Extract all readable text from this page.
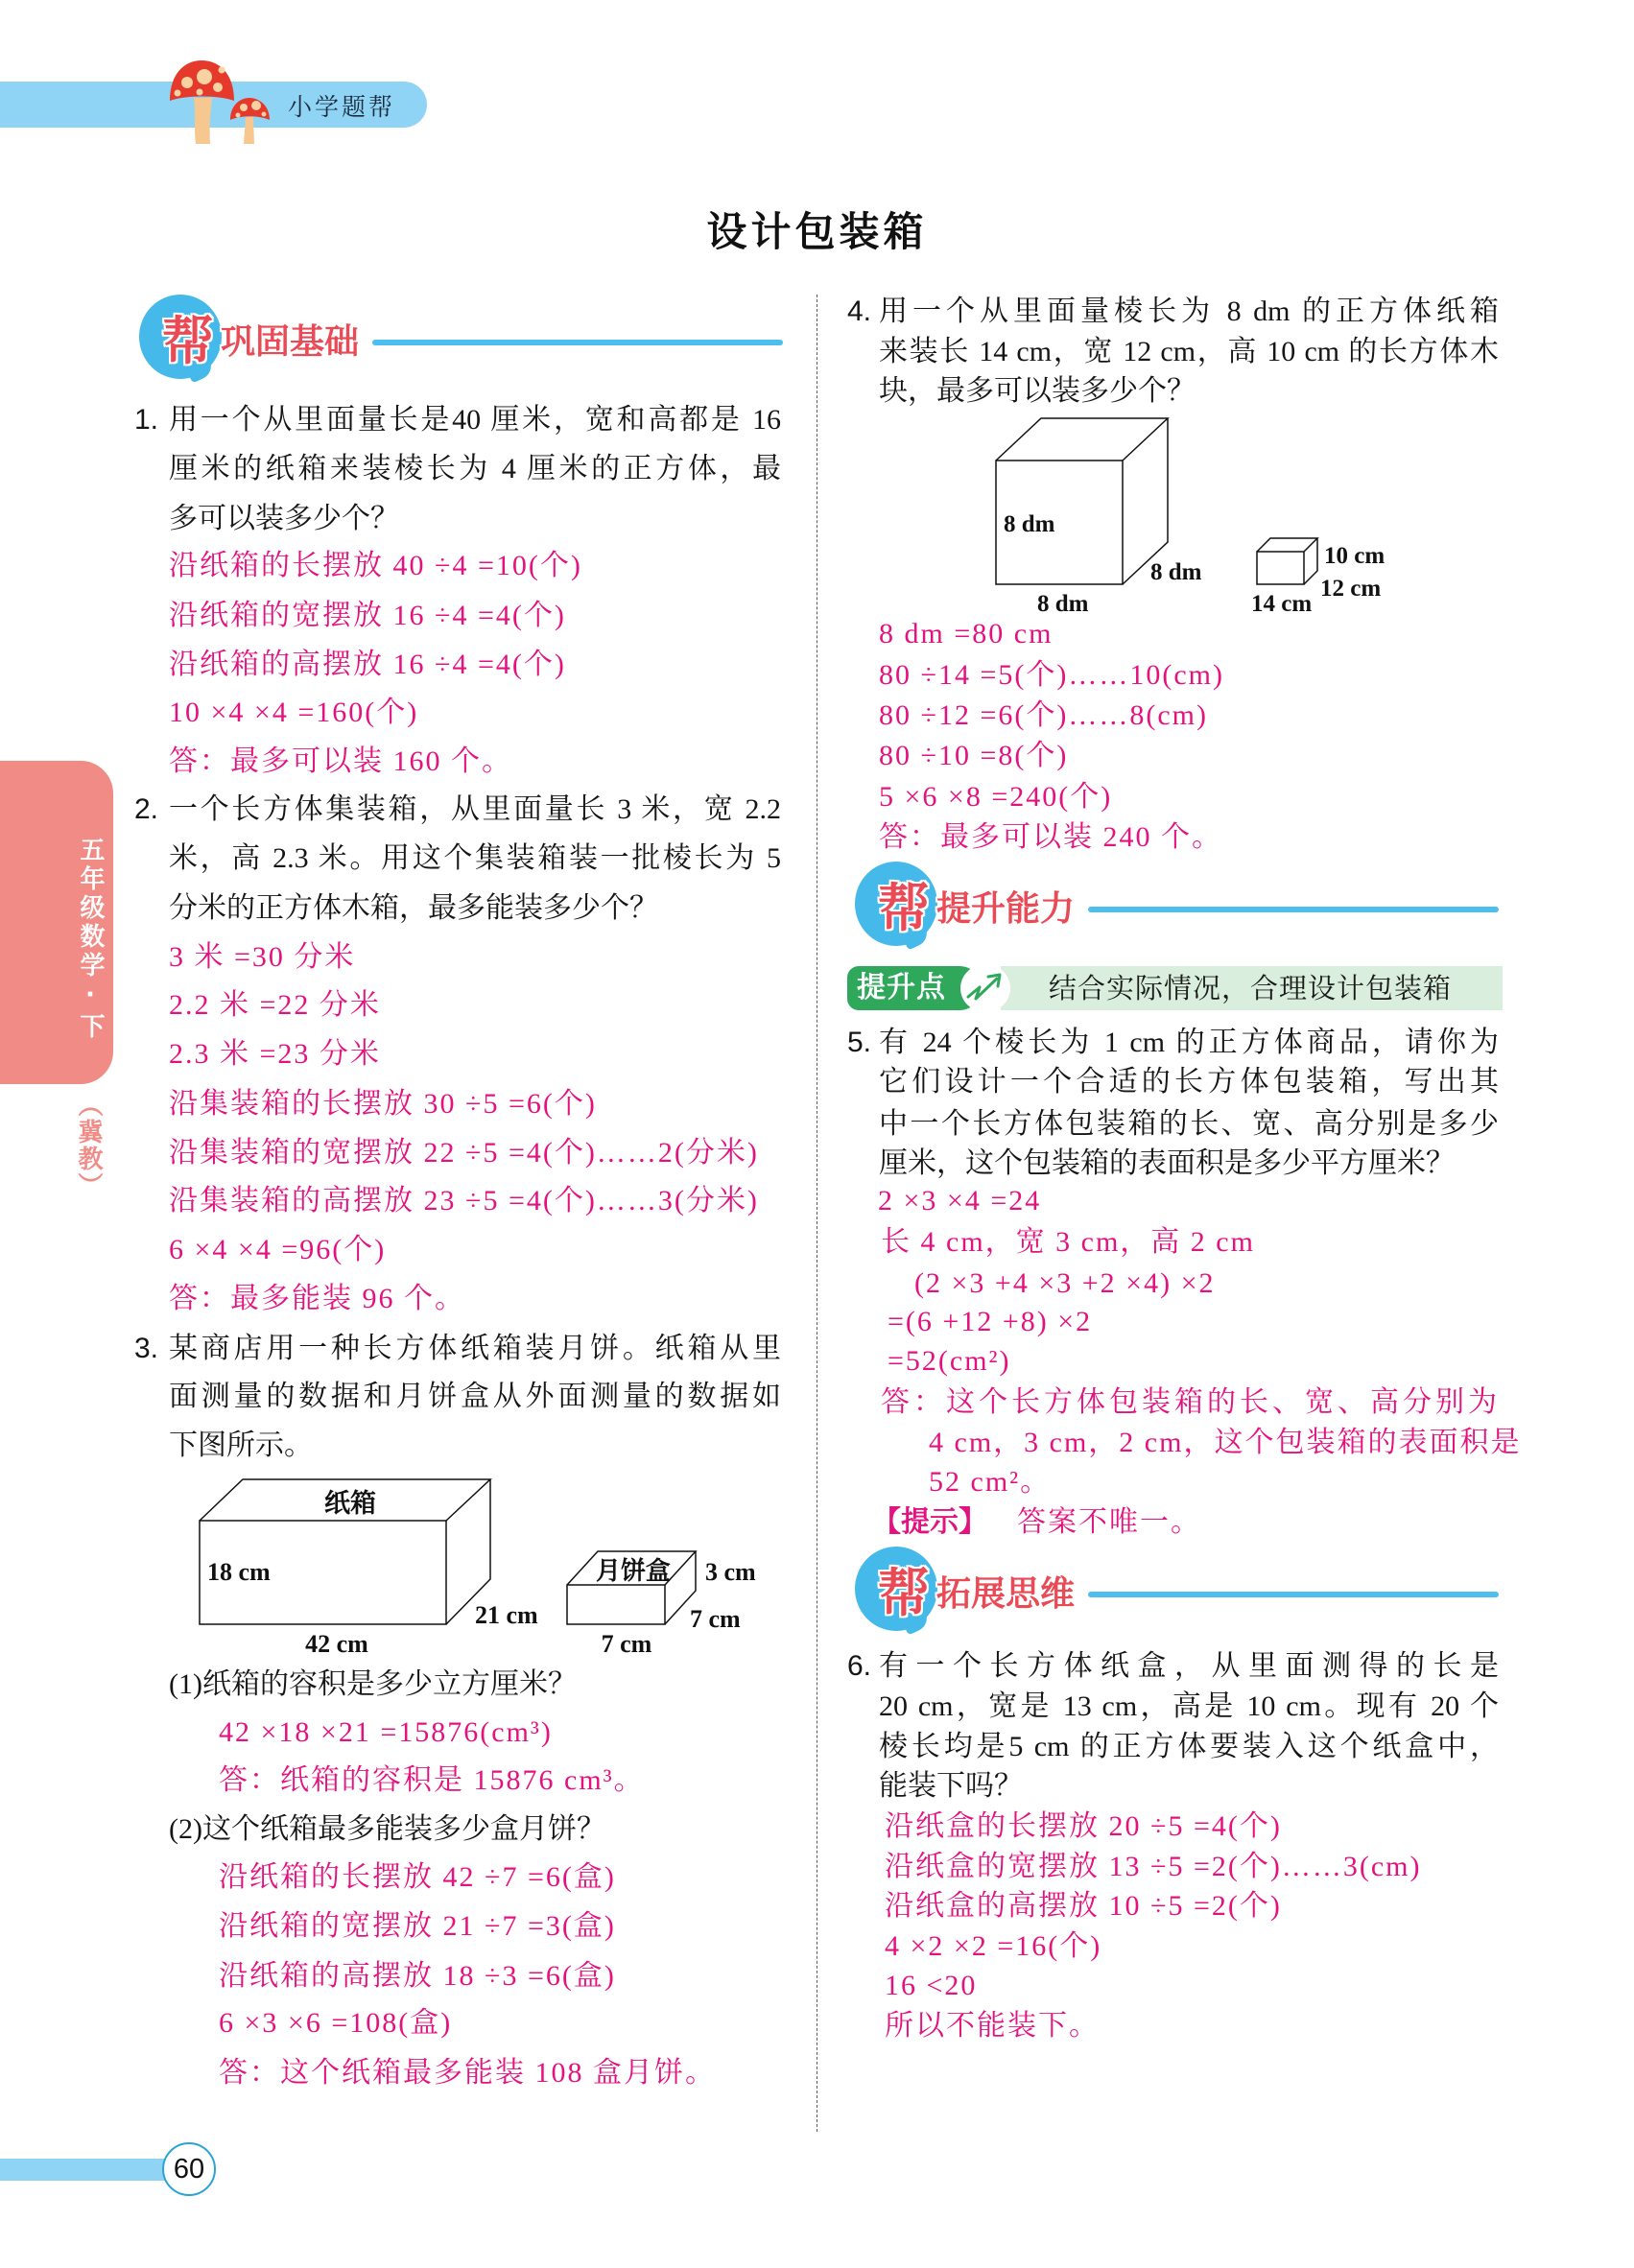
小学题帮
设计包装箱
五年级数学·下
（冀教）
帮 巩固基础
1. 用一个从里面量长是40 厘米，宽和高都是 16
厘米的纸箱来装棱长为 4 厘米的正方体，最
多可以装多少个？
沿纸箱的长摆放 40 ÷4 =10(个)
沿纸箱的宽摆放 16 ÷4 =4(个)
沿纸箱的高摆放 16 ÷4 =4(个)
10 ×4 ×4 =160(个)
答：最多可以装 160 个。
2. 一个长方体集装箱，从里面量长 3 米，宽 2.2
米，高 2.3 米。用这个集装箱装一批棱长为 5
分米的正方体木箱，最多能装多少个？
3 米 =30 分米
2.2 米 =22 分米
2.3 米 =23 分米
沿集装箱的长摆放 30 ÷5 =6(个)
沿集装箱的宽摆放 22 ÷5 =4(个)……2(分米)
沿集装箱的高摆放 23 ÷5 =4(个)……3(分米)
6 ×4 ×4 =96(个)
答：最多能装 96 个。
3. 某商店用一种长方体纸箱装月饼。纸箱从里
面测量的数据和月饼盒从外面测量的数据如
下图所示。
纸箱
18 cm
21 cm
42 cm
月饼盒 3 cm
7 cm
7 cm
(1)纸箱的容积是多少立方厘米？
42 ×18 ×21 =15876(cm³)
答：纸箱的容积是 15876 cm³。
(2)这个纸箱最多能装多少盒月饼？
沿纸箱的长摆放 42 ÷7 =6(盒)
沿纸箱的宽摆放 21 ÷7 =3(盒)
沿纸箱的高摆放 18 ÷3 =6(盒)
6 ×3 ×6 =108(盒)
答：这个纸箱最多能装 108 盒月饼。
4. 用一个从里面量棱长为 8 dm 的正方体纸箱
来装长 14 cm，宽 12 cm，高 10 cm 的长方体木
块，最多可以装多少个？
8 dm
8 dm
8 dm
10 cm
12 cm
14 cm
8 dm =80 cm
80 ÷14 =5(个)……10(cm)
80 ÷12 =6(个)……8(cm)
80 ÷10 =8(个)
5 ×6 ×8 =240(个)
答：最多可以装 240 个。
帮 提升能力
提升点	结合实际情况，合理设计包装箱
5. 有 24 个棱长为 1 cm 的正方体商品，请你为
它们设计一个合适的长方体包装箱，写出其
中一个长方体包装箱的长、宽、高分别是多少
厘米，这个包装箱的表面积是多少平方厘米？
2 ×3 ×4 =24
长 4 cm，宽 3 cm，高 2 cm
(2 ×3 +4 ×3 +2 ×4) ×2
=(6 +12 +8) ×2
=52(cm²)
答：这个长方体包装箱的长、宽、高分别为
4 cm，3 cm，2 cm，这个包装箱的表面积是
52 cm²。
【提示】 答案不唯一。
帮 拓展思维
6. 有一个长方体纸盒，从里面测得的长是
20 cm，宽是 13 cm，高是 10 cm。现有 20 个
棱长均是5 cm 的正方体要装入这个纸盒中，
能装下吗？
沿纸盒的长摆放 20 ÷5 =4(个)
沿纸盒的宽摆放 13 ÷5 =2(个)……3(cm)
沿纸盒的高摆放 10 ÷5 =2(个)
4 ×2 ×2 =16(个)
16 <20
所以不能装下。
60
